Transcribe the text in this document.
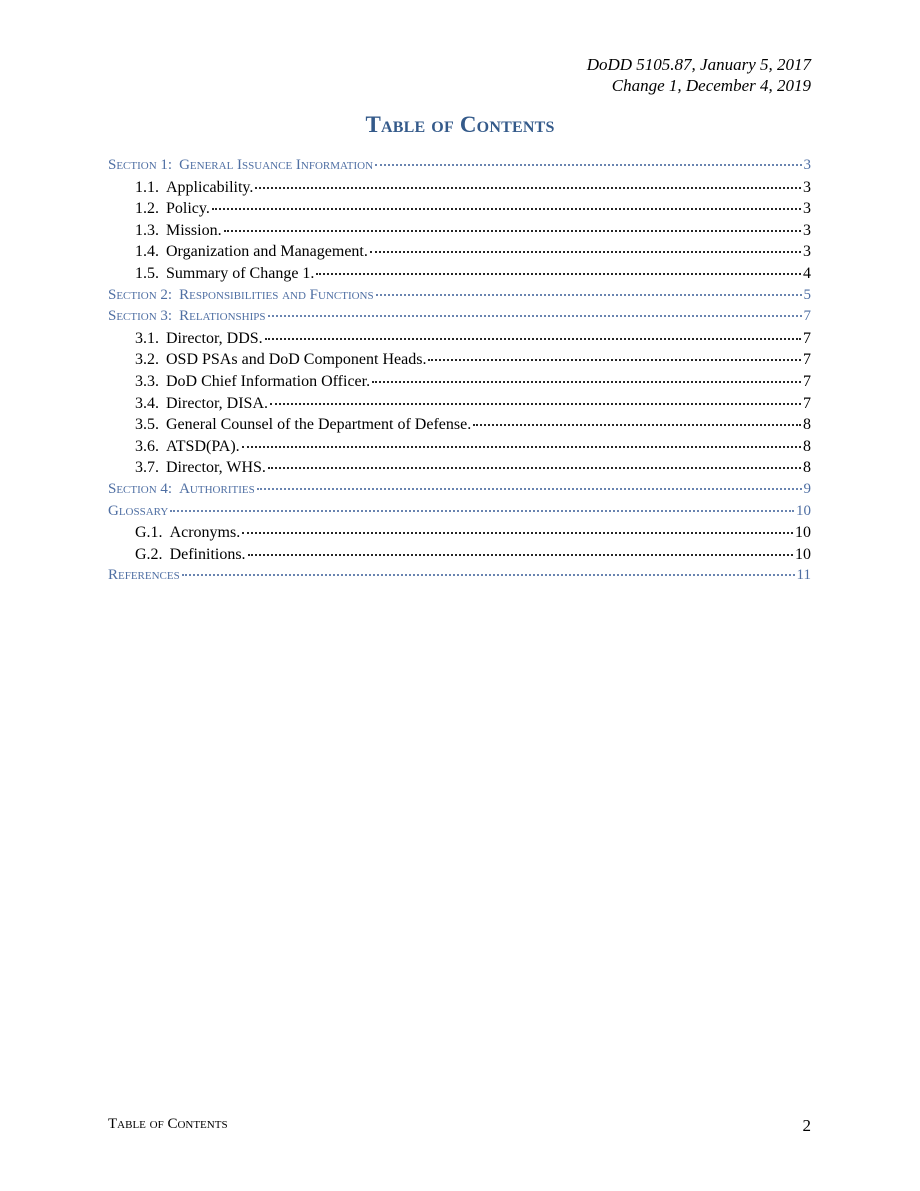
DoDD 5105.87, January 5, 2017
Change 1, December 4, 2019
Table of Contents
Section 1: General Issuance Information	3
1.1. Applicability.	3
1.2. Policy.	3
1.3. Mission.	3
1.4. Organization and Management.	3
1.5. Summary of Change 1.	4
Section 2: Responsibilities and Functions	5
Section 3: Relationships	7
3.1. Director, DDS.	7
3.2. OSD PSAs and DoD Component Heads.	7
3.3. DoD Chief Information Officer.	7
3.4. Director, DISA.	7
3.5. General Counsel of the Department of Defense.	8
3.6. ATSD(PA).	8
3.7. Director, WHS.	8
Section 4: Authorities	9
Glossary	10
G.1. Acronyms.	10
G.2. Definitions.	10
References	11
Table of Contents	2
